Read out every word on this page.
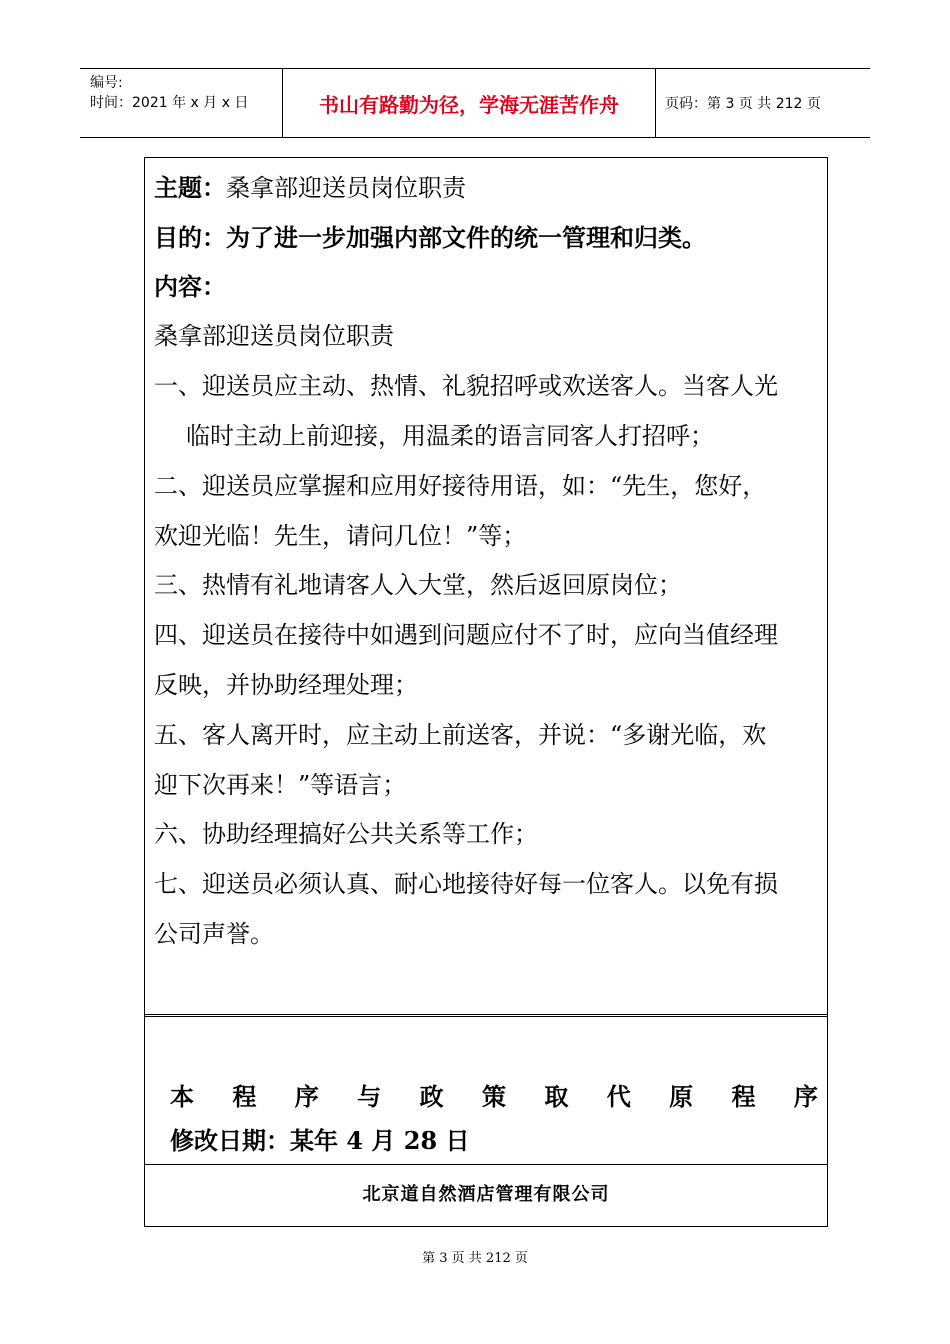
编号:
时间：2021 年 x 月 x 日	书山有路勤为径，学海无涯苦作舟	页码：第 3 页 共 212 页
主题：桑拿部迎送员岗位职责
目的：为了进一步加强内部文件的统一管理和归类。
内容：
桑拿部迎送员岗位职责
一、迎送员应主动、热情、礼貌招呼或欢送客人。当客人光
临时主动上前迎接，用温柔的语言同客人打招呼；
二、迎送员应掌握和应用好接待用语，如：“先生，您好，
欢迎光临！先生，请问几位！”等；
三、热情有礼地请客人入大堂，然后返回原岗位；
四、迎送员在接待中如遇到问题应付不了时，应向当值经理
反映，并协助经理处理；
五、客人离开时，应主动上前送客，并说：“多谢光临，欢
迎下次再来！”等语言；
六、协助经理搞好公共关系等工作；
七、迎送员必须认真、耐心地接待好每一位客人。以免有损
公司声誉。
本 程 序 与 政 策 取 代 原 程 序
修改日期：某年 4 月 28 日
北京道自然酒店管理有限公司
第 3 页 共 212 页
